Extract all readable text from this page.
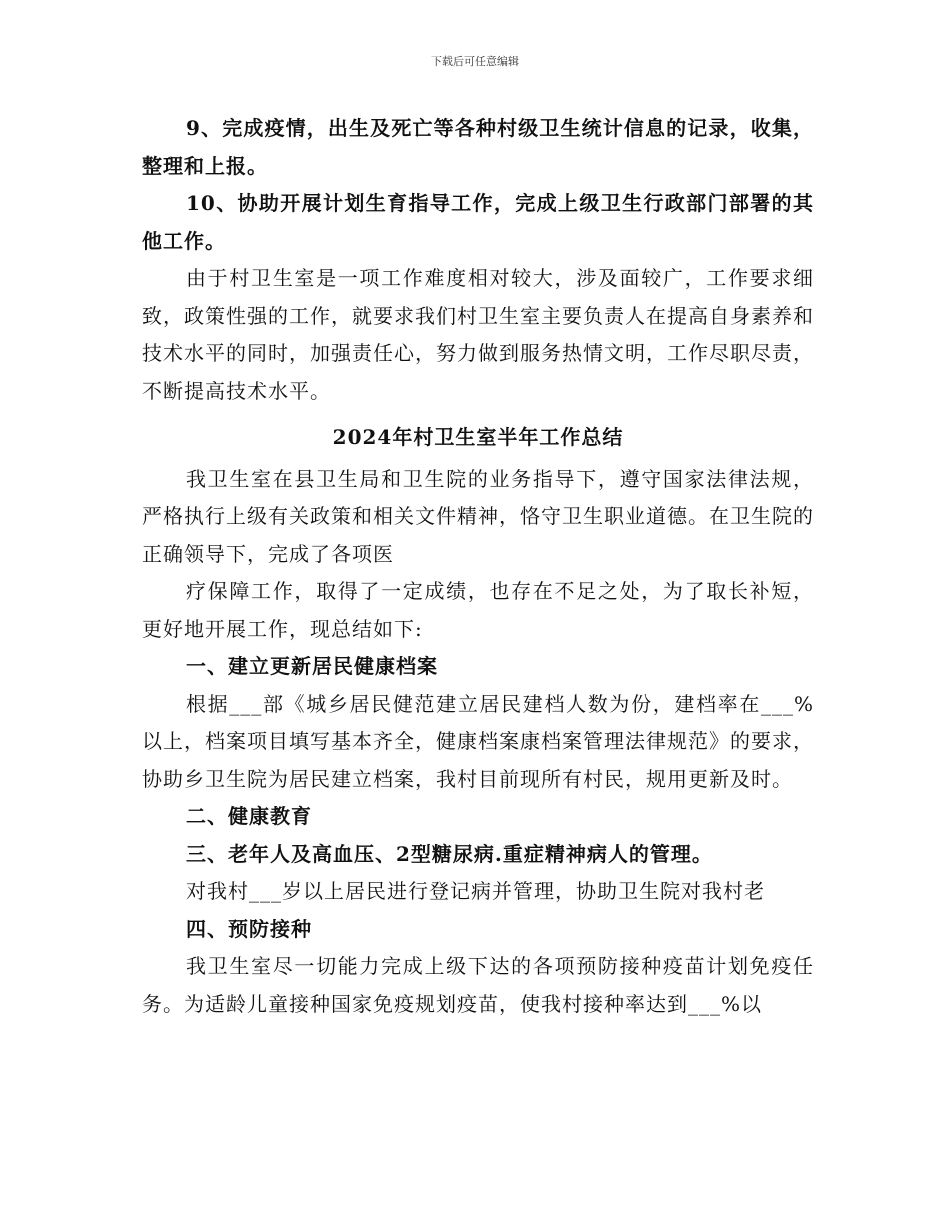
下载后可任意编辑

9、完成疫情，出生及死亡等各种村级卫生统计信息的记录，收集，整理和上报。

10、协助开展计划生育指导工作，完成上级卫生行政部门部署的其他工作。

由于村卫生室是一项工作难度相对较大，涉及面较广，工作要求细致，政策性强的工作，就要求我们村卫生室主要负责人在提高自身素养和技术水平的同时，加强责任心，努力做到服务热情文明，工作尽职尽责，不断提高技术水平。

2024年村卫生室半年工作总结

我卫生室在县卫生局和卫生院的业务指导下，遵守国家法律法规，严格执行上级有关政策和相关文件精神，恪守卫生职业道德。在卫生院的正确领导下，完成了各项医

疗保障工作，取得了一定成绩，也存在不足之处，为了取长补短，更好地开展工作，现总结如下:

一、建立更新居民健康档案

根据___部《城乡居民健范建立居民建档人数为份，建档率在___%以上，档案项目填写基本齐全，健康档案康档案管理法律规范》的要求，协助乡卫生院为居民建立档案，我村目前现所有村民，规用更新及时。

二、健康教育

三、老年人及高血压、2型糖尿病.重症精神病人的管理。

对我村___岁以上居民进行登记病并管理，协助卫生院对我村老

四、预防接种

我卫生室尽一切能力完成上级下达的各项预防接种疫苗计划免疫任务。为适龄儿童接种国家免疫规划疫苗，使我村接种率达到___%以
